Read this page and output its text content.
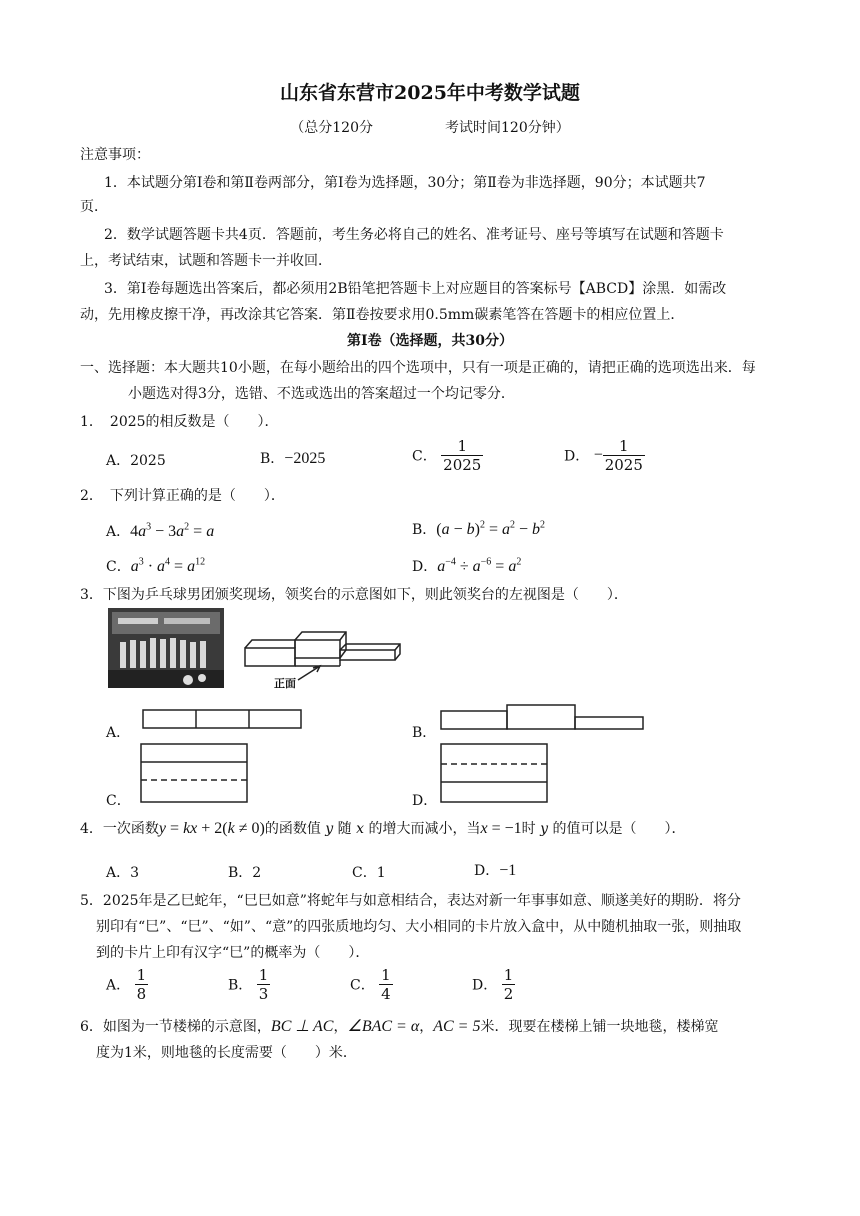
山东省东营市2025年中考数学试题
（总分120分	考试时间120分钟）
注意事项：
1．本试题分第Ⅰ卷和第Ⅱ卷两部分，第Ⅰ卷为选择题，30分；第Ⅱ卷为非选择题，90分；本试题共7
页．
2．数学试题答题卡共4页．答题前，考生务必将自己的姓名、准考证号、座号等填写在试题和答题卡
上，考试结束，试题和答题卡一并收回．
3．第Ⅰ卷每题选出答案后，都必须用2B铅笔把答题卡上对应题目的答案标号【ABCD】涂黑．如需改
动，先用橡皮擦干净，再改涂其它答案．第Ⅱ卷按要求用0.5mm碳素笔答在答题卡的相应位置上．
第Ⅰ卷（选择题，共30分）
一、选择题：本大题共10小题，在每小题给出的四个选项中，只有一项是正确的，请把正确的选项选出来．每
小题选对得3分，选错、不选或选出的答案超过一个均记零分．
1．　2025的相反数是（　　）．
A．2025	B．−2025	C． $\frac{1}{2025}$	D． − $\frac{1}{2025}$
2．　下列计算正确的是（　　）．
A．$4a^3 - 3a^2 = a$	B．$(a - b)^2 = a^2 - b^2$
C．$a^3 \cdot a^4 = a^{12}$	D．$a^{-4} \div a^{-6} = a^2$
3．下图为乒乓球男团颁奖现场，领奖台的示意图如下，则此领奖台的左视图是（　　）．
正面
A．	B．
C．	D．
4．一次函数y = kx + 2(k ≠ 0)的函数值 y 随 x 的增大而减小，当x = −1时 y 的值可以是（　　）．
A．3	B．2	C．1	D．−1
5．2025年是乙巳蛇年，“巳巳如意”将蛇年与如意相结合，表达对新一年事事如意、顺遂美好的期盼．将分
别印有“巳”、“巳”、“如”、“意”的四张质地均匀、大小相同的卡片放入盒中，从中随机抽取一张，则抽取
到的卡片上印有汉字“巳”的概率为（　　）．
A． $\frac{1}{8}$	B． $\frac{1}{3}$	C． $\frac{1}{4}$	D． $\frac{1}{2}$
6．如图为一节楼梯的示意图，BC ⊥ AC，∠BAC = α，AC = 5米．现要在楼梯上铺一块地毯，楼梯宽
度为1米，则地毯的长度需要（　　）米．
